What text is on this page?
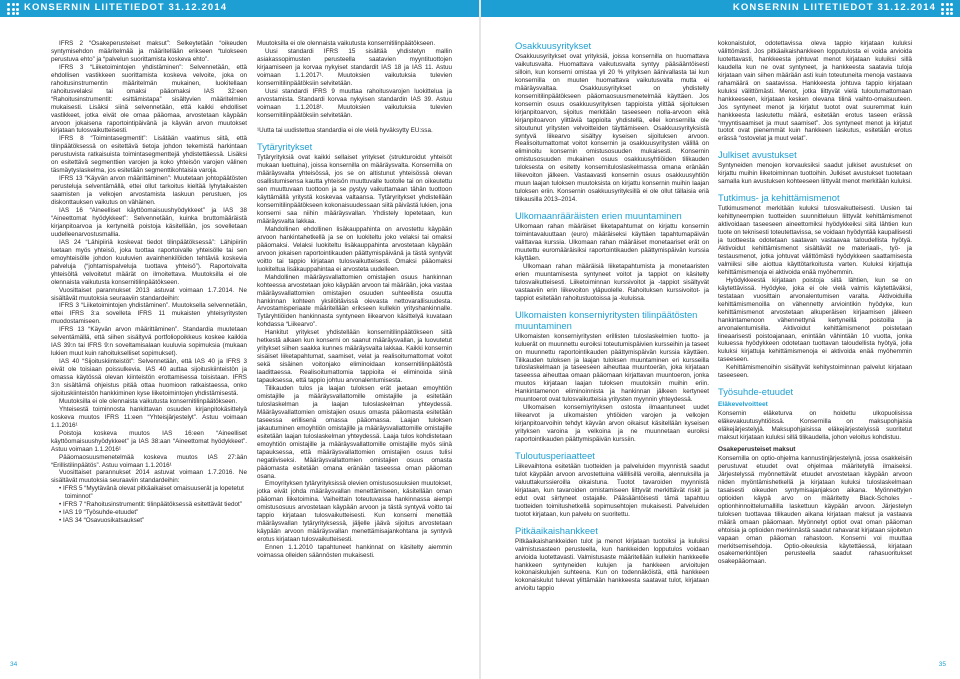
KONSERNIN LIITETIEDOT 31.12.2014	KONSERNIN LIITETIEDOT 31.12.2014

IFRS 2 “Osakeperusteiset maksut”: Selkeytetään “oikeuden syntymisehdon määritelmää ja määritellään erikseen “tulokseen perustuva ehto” ja “palvelun suorittamista koskeva ehto”.

IFRS 3 “Liiketoimintojen yhdistäminen”: Selvennetään, että ehdollisen vastikkeen suorittamista koskeva velvoite, joka on rahoitusinstrumentin määritelmän mukainen, luokitellaan rahoitusvelaksi tai omaksi pääomaksi IAS 32:een “Rahoitusinstrumentit: esittämistapa” sisältyvien määritelmien mukaisesti. Lisäksi siinä selvennetään, että kaikki ehdolliset vastikkeet, jotka eivät ole omaa pääomaa, arvostetaan käypään arvoon jokaisena raportointipäivänä ja käyvän arvon muutokset kirjataan tulosvaikutteisesti.

IFRS 8 “Toimintasegmentit”: Lisätään vaatimus siitä, että tilinpäätöksessä on esitettävä tietoja johdon tekemistä harkintaan perustuvista ratkaisuista toimintasegmenttejä yhdistettäessä. Lisäksi on esitettävä segmenttien varojen ja koko yhteisön varojen välinen täsmäytyslaskelma, jos esitetään segmenttikohtaisia varoja.

IFRS 13 “Käyvän arvon määrittäminen”: Muutetaan johtopäätösten perusteluja selventämällä, ettei ollut tarkoitus kieltää lyhytaikaisten saamisten ja velkojen arvostamista laskuun perustuen, jos diskonttauksen vaikutus on vähäinen.

IAS 16 “Aineelliset käyttöomaisuushyödykkeet” ja IAS 38 “Aineettomat hyödykkeet”: Selvennetään, kuinka bruttomääräistä kirjanpitoarvoa ja kertyneitä poistoja käsitellään, jos sovelletaan uudelleenarvostusmallia.

IAS 24 “Lähipiiriä koskevat tiedot tilinpäätöksessä”: Lähipiiriin luetaan myös yhteisö, joka tuottaa raportoivalle yhteisölle tai sen emoyhteisölle johdon kuuluvien avainhenkilöiden tehtäviä koskevia palveluja (“johtamispalveluja tuottava yhteisö”). Raportoivalta yhteisöltä velvoitetut määrät on ilmoitettava. Muutoksilla ei ole olennaista vaikutusta konsernitilinpäätökseen.

Vuosittaiset parannukset 2013 astuvat voimaan 1.7.2014. Ne sisältävät muutoksia seuraaviin standardeihin:

IFRS 3 “Liiketoimintojen yhdistäminen”. Muutoksella selvennetään, ettei IFRS 3:a sovelleta IFRS 11 mukaisten yhteisyritysten muodostamiseen.

IFRS 13 “Käyvän arvon määrittäminen”. Standardia muutetaan selventämällä, että siihen sisältyvä portfoliopoikkeus koskee kaikkia IAS 39:n tai IFRS 9:n soveltamisalaan kuuluvia sopimuksia (mukaan lukien muut kuin rahoitukselliset sopimukset).

IAS 40 “Sijoituskiinteistöt”: Selvennetään, että IAS 40 ja IFRS 3 eivät ole toisiaan poissulkevia. IAS 40 auttaa sijoituskiinteistön ja omassa käytössä olevan kiinteistön erottamisessa toisistaan. IFRS 3:n sisältämä ohjeistus pitää ottaa huomioon ratkaistaessa, onko sijoituskiinteistön hankkiminen kyse liiketoimintojen yhdistämisestä.

Muutoksilla ei ole olennaista vaikutusta konsernitilinpäätökseen.

Yhteisestä toiminnosta hankittavan osuuden kirjanpitokäsittelyä koskeva muutos IFRS 11:een “Yhteisjärjestelyt”. Astuu voimaan 1.1.2016¹

Poistoja koskeva muutos IAS 16:een “Aineelliset käyttöomaisuushyödykkeet” ja IAS 38:aan “Aineettomat hyödykkeet”. Astuu voimaan 1.1.2016¹

Pääomaosuusmenetelmää koskeva muutos IAS 27:ään “Erillistilinpäätös”. Astuu voimaan 1.1.2016¹

Vuosittaiset parannukset 2014 astuvat voimaan 1.7.2016. Ne sisältävät muutoksia seuraaviin standardeihin:

• IFRS 5 “Myytävänä olevat pitkäaikaiset omaisuuserät ja lopetetut toiminnot”
• IFRS 7 “Rahoitusinstrumentit: tilinpäätöksessä esitettävät tiedot”
• IAS 19 “Työsuhde-etuudet”
• IAS 34 “Osavuosikatsaukset”

Muutoksilla ei ole olennaista vaikutusta konsernitilinpäätökseen.

Uusi standardi IFRS 15 sisältää yhdistetyn mallin asiakassopimusten perusteella saatavien myyntituottojen kirjaamiseen ja korvaa nykyiset standardit IAS 18 ja IAS 11. Astuu voimaan 1.1.2017¹. Muutoksien vaikutuksia tulevien konsernitilinpäätöksiin selvitetään.

Uusi standardi IFRS 9 muuttaa rahoitusvarojen luokittelua ja arvostamista. Standardi korvaa nykyisen standardin IAS 39. Astuu voimaan 1.1.2018¹. Muutoksien vaikutuksia tulevien konsernitilinpäätöksiin selvitetään.

¹Uutta tai uudistettua standardia ei ole vielä hyväksytty EU:ssa.

Tytäryritykset

Tytäryrityksiä ovat kaikki sellaiset yritykset (strukturoidut yhteisöt mukaan luettuina), joissa konsernilla on määräysvalta. Konsernilla on määräysvalta yhteisössä, jos se on altistunut yhteisössä olevan osallistumisensa kautta yhteisön muuttuvalle tuotolle tai on oikeutettu sen muuttuvaan tuottoon ja se pystyy vaikuttamaan tähän tuottoon käyttämällä yritystä koskevaa valtaansa. Tytäryritykset yhdistellään konsernitilinpäätökseen kokonaisuudessaan siitä päivästä lukien, jona konserni saa niihin määräysvallan. Yhdistely lopetetaan, kun määräysvalta lakkaa.

Mahdollinen ehdollinen lisäkauppahinta on arvostettu käypään arvoon hankintahetkellä ja se on luokiteltu joko velaksi tai omaksi pääomaksi. Velaksi luokiteltu lisäkauppahinta arvostetaan käypään arvoon jokaisen raportointikauden päättymispäivänä ja tästä syntyvät voitto tai tappio kirjataan tulosvaikutteisesti. Omaksi pääomaksi luokiteltua lisäkauppahintaa ei arvosteta uudelleen.

Mahdollinen määräysvallattomien omistajien osuus hankinnan kohteessa arvostetaan joko käypään arvoon tai määrään, joka vastaa määräysvallattomien omistajien osuuden suhteellista osuutta hankinnan kohteen yksilöitävissä olevasta nettovarallisuudesta. Arvostamisperiaate määritellään erikseen kullekin yrityshankinnalle. Tytäryhtiöiden hankinnasta syntyneen liikearvon käsittelyä kuvataan kohdassa “Liikearvo”.

Hankitut yritykset yhdistellään konsernitilinpäätökseen siitä hetkestä alkaen kun konserni on saanut määräysvallan, ja luovutetut yritykset siihen saakka kunnes määräysvalta lakkaa. Kaikki konsernin sisäiset liiketapahtumat, saamiset, velat ja realisoitumattomat voitot sekä sisäinen voitonjako eliminoidaan konsernitilinpäätöstä laadittaessa. Realisoitumattomia tappioita ei eliminoida siinä tapauksessa, että tappio johtuu arvonalentumisesta.

Tilikauden tulos ja laajan tuloksen erät jaetaan emoyhtiön omistajille ja määräysvallattomille omistajille ja esitetään tuloslaskelman ja laajan tuloslaskelman yhteydessä. Määräysvallattomien omistajien osuus omasta pääomasta esitetään taseessa erillisenä omassa pääomassa. Laajan tuloksen jakautuminen emoyhtiön omistajille ja määräysvallattomille omistajille esitetään laajan tuloslaskelman yhteydessä. Laaja tulos kohdistetaan emoyhtiön omistajille ja määräysvallattomille omistajille myös siinä tapauksessa, että määräysvallattomien omistajien osuus tulisi negatiiviseksi. Määräysvallattomien omistajien osuus omasta pääomasta esitetään omana eränään taseessa oman pääoman osana.

Emoyrityksen tytäryrityksissä olevien omistusosuuksien muutokset, jotka eivät johda määräysvallan menettämiseen, käsitellään oman pääoman liiketoimina. Vaiheittain toteutuvassa hankinnassa aiempi omistusosuus arvostetaan käypään arvoon ja tästä syntyvä voitto tai tappio kirjataan tulosvaikutteisesti. Kun konserni menettää määräysvallan tytäryrityksessä, jäljelle jäävä sijoitus arvostetaan käypään arvoon määräysvallan menettämisajankohtana ja syntyvä erotus kirjataan tulosvaikutteisesti.

Ennen 1.1.2010 tapahtuneet hankinnat on käsitelty aiemmin voimassa olleiden säännösten mukaisesti.

Osakkuusyritykset

Osakkuusyritykset ovat yrityksiä, joissa konsernilla on huomattava vaikutusvalta. Huomattava vaikutusvalta syntyy pääsääntöisesti silloin, kun konserni omistaa yli 20 % yrityksen äänivallasta tai kun konsernilla on muuten huomattava vaikutusvalta mutta ei määräysvaltaa. Osakkuusyritykset on yhdistelty konsernitilinpäätökseen pääomaosuusmenetelmää käyttäen. Jos konsernin osuus osakkuusyrityksen tappioista ylittää sijoituksen kirjanpitoarvon, sijoitus merkitään taseeseen nolla-arvoon eikä kirjanpitoarvon ylittäviä tappioita yhdistellä, ellei konsernilla ole sitoutunut yritysten velvoitteiden täyttämiseen. Osakkuusyrityksistä syntyvä liikearvo sisältyy kyseisen sijoituksen arvoon. Realisoitumattomat voitot konsernin ja osakkuusyritysten välillä on eliminoitu konsernin omistusosuuden mukaisesti. Konsernin omistusosuuden mukainen osuus osakkuusyhtiöiden tilikauden tuloksesta on esitetty konsernituloslaskelmassa omana eränään liikevoiton jälkeen. Vastaavasti konsernin osuus osakkuusyhtiön muun laajan tuloksen muutoksista on kirjattu konsernin muihin laajan tuloksen eriin. Konsernin osakkuusyrityksillä ei ole ollut tällaisia eriä tilikausilla 2013–2014.

Ulkomaanrääräisten erien muuntaminen

Ulkomaan rahan määräiset liiketapahtumat on kirjattu konsernin toimintavaluuttaan (euro) määräiseksi käyttäen tapahtumapäivän valittavaa kurssia. Ulkomaan rahan määräiset monetaariset erät on muutettu euromääräisiksi raportointikauden päättymispäivän kurssia käyttäen.

Ulkomaan rahan määräisiä liiketapahtumista ja monetaaristen erien muuntamisesta syntyneet voitot ja tappiot on käsitelty tulosvaikutteisesti. Liiketoiminnan kurssivoitot ja -tappiot sisältyvät vastaaviin erin liikevoiton yläpuolelle. Rahoituksen kurssivoitot- ja tappiot esitetään rahoitustuotoissa ja -kuluissa.

Ulkomaisten konserniyritysten tilinpäätösten muuntaminen

Ulkomaisten konserniyritysten erillisten tuloslaskelmien tuotto- ja kuluerät on muunnettu euroiksi toteutumispäivien kursseihin ja taseet on muunnettu raportointikauden päättymispäivän kurssia käyttäen. Tilikauden tuloksen ja laajan tuloksen muuntaminen eri kursseilla tuloslaskelmaan ja taseeseen aiheuttaa muuntoerän, joka kirjataan taseessa aiheuttaa omaan pääomaan kirjattavan muuntoeron, jonka muutos kirjataan laajan tuloksen muutoksiin muihin eriin. Hankintamenon eliminoinnista ja hankinnan jälkeen kertyneet muuntoerot ovat tulosvaikutteisia yritysten myynnin yhteydessä.

Ulkomaisen konserniyrityksen ostosta ilmaantuneet uudet liikearvot ja ulkomaisten yhtiöiden varojen ja velkojen kirjanpitoarvoihin tehdyt käyvän arvon oikaisut käsitellään kyseisen yrityksen varoina ja velkoina ja ne muunnetaan euroiksi raportointikauden päättymispäivän kurssiin.

Tuloutusperiaatteet

Liikevaihtona esitetään tuotteiden ja palveluiden myynnistä saadut tulot käypään arvoon arvostettuina välillisillä veroilla, alennuksilla ja valuuttakurssieroilla oikaistuna. Tuotot tavaroiden myynnistä kirjataan, kun tavaroiden omistamiseen liittyvät merkittävät riskit ja edut ovat siirtyneet ostajalle. Pääsääntöisesti tämä tapahtuu tuotteiden toimitushetkellä sopimusehtojen mukaisesti. Palveluiden tuotot kirjataan, kun palvelu on suoritettu.

Pitkäaikaishankkeet

Pitkäaikaishankkeiden tulot ja menot kirjataan tuotoiksi ja kuluiksi valmistusasteen perusteella, kun hankkeiden lopputulos voidaan arvioida luotettavasti. Valmistusaste määritellään kullekin hankkeelle hankkeen syntyneiden kulujen ja hankkeen arvioitujen kokonaiskulujen suhteena. Kun on todennäköistä, että hankkeen kokonaiskulut tulevat ylittämään hankkeesta saatavat tulot, kirjataan arvioitu tappio

kokonaistulot, odotettavissa oleva tappio kirjataan kuluksi välittömästi. Jos pitkäaikaishankkeen lopputulosta ei voida arvioida luotettavasti, hankkeesta johtuvat menot kirjataan kuluiksi sillä kaudella kun ne ovat syntyneet, ja hankkeesta saatavia tuloja kirjataan vain siihen määrään asti kuin toteutuneita menoja vastaava rahamäärä on saatavissa. Hankkeesta johtuva tappio kirjataan kuluksi välittömästi. Menot, jotka liittyvät vielä tuloutumattomaan hankkeeseen, kirjataan kesken olevana tilinä vaihto-omaisuuteen. Jos syntyneet menot ja kirjatut tuotot ovat suuremmat kuin hankkeesta laskutettu määrä, esitetään erotus taseen erässä “myyntisaamiset ja muut saamiset”. Jos syntyneet menot ja kirjatut tuotot ovat pienemmät kuin hankkeen laskutus, esitetään erotus erässä “ostovelat ja muut velat”.

Julkiset avustukset

Syntyneiden menojen korvauksiksi saadut julkiset avustukset on kirjattu muihin liiketoiminnan tuottoihin. Julkiset avustukset tuotetaan samalla kun avustuksen kohteeseen liittyvät menot merkitään kuluksi.

Tutkimus- ja kehittämismenot

Tutkimusmenot merkitään kuluksi tulosvaikutteisesti. Uusien tai kehittyneempien tuotteiden suunnitteluun liittyvät kehittämismenot aktivoidaan taseeseen aineettomiksi hyödykkeiksi siitä lähtien kun tuote on teknisesti toteutettavissa, se voidaan hyödyntää kaupallisesti ja tuotteesta odotetaan saatavan vastaavaa taloudellista hyötyä. Aktivoidut kehittämismenot sisältävät ne materiaali-, työ- ja testausmenot, jotka johtuvat välittömästi hyödykkeen saattamisesta valmiiksi sille aiottua käyttötarkoitusta varten. Kuluksi kirjattuja kehittämismenoja ei aktivoida enää myöhemmin.

Hyödykkeestä kirjataan poistoja siitä lähtien, kun se on käytettävissä. Hyödyke, joka ei ole vielä valmis käytettäväksi, testataan vuosittain arvonalentumisen varalta. Aktivoiduilla kehittämismenoilla on vähennetty arviointikin hyödyke, kun kehittämismenot arvostetaan alkuperäisen kirjaamisen jälkeen hankintamenoon vähennettynä kertyneillä poistoilla ja arvonalentumisilla. Aktivoidut kehittämismenot poistetaan lineaarisesti poistoajanaan, enintään vähintään 10 vuotta, jonka kuluessa hyödykkeen odotetaan tuottavan taloudellista hyötyä, jolla kuluksi kirjattuja kehittämismenoja ei aktivoida enää myöhemmin taseeseen.

Kehittämismenoihin sisältyvät kehitystoiminnan palvelut kirjataan taseeseen.

Työsuhde-etuudet
Eläkevelvoitteet

Konsernin eläketurva on hoidettu ulkopuolisissa eläkevakuutusyhtiöissä. Konsernilla on maksupohjaisia eläkejärjestelyjä. Maksupohjaisissa eläkejärjestelyissä suoritetut maksut kirjataan kuluksi sillä tilikaudella, johon veloitus kohdistuu.

Osakeperusteiset maksut

Konsernilla on optio-ohjelma kannustinjärjestelynä, jossa osakkeisiin perustuvat etuudet ovat ohjelmaa määritetyllä ilmaiseksi. Järjestelyssä myönnettävät etuudet arvostetaan käypään arvoon niiden myöntämishetkellä ja kirjataan kuluksi tuloslaskelmaan tasaisesti oikeuden syntymisajanjakson aikana. Myönnettyjen optioiden käypä arvo on määritetty Black-Scholes -optionhinnoittelumallilla laskettuun käypään arvoon. Järjestelyn tuloksen tuottavaa tilikauden aikana kirjataan maksut ja vastaava määrä omaan pääomaan. Myönnetyt optiot ovat oman pääoman ehtoisia ja optioiden merkinnästä saadut rahavarat kirjataan sijoitetun vapaan oman pääoman rahastoon. Konserni voi muuttaa merkitsemisehdoja. Optio-oikeuksia käytettäessä, kirjataan osakemerkintöjen perusteella saadut rahasuoritukset osakepääomaan.

34	35
